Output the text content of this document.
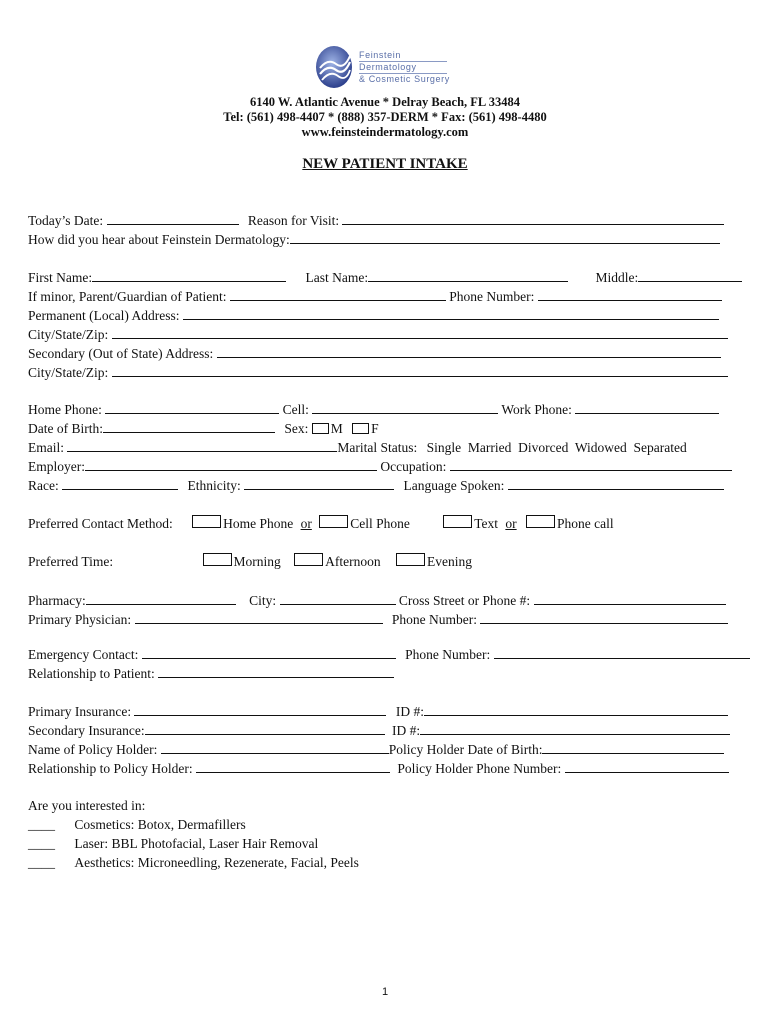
Feinstein
Dermatology
& Cosmetic Surgery
6140 W. Atlantic Avenue * Delray Beach, FL 33484
Tel: (561) 498-4407 * (888) 357-DERM * Fax: (561) 498-4480
www.feinsteindermatology.com
NEW PATIENT INTAKE
Today’s Date:	Reason for Visit:
How did you hear about Feinstein Dermatology:
First Name:	Last Name:	Middle:
If minor, Parent/Guardian of Patient:	Phone Number:
Permanent (Local) Address:
City/State/Zip:
Secondary (Out of State) Address:
City/State/Zip:
Home Phone:	Cell:	Work Phone:
Date of Birth:	Sex: M F
Email:	Marital Status: Single  Married  Divorced  Widowed  Separated
Employer:	Occupation:
Race:	Ethnicity:	Language Spoken:
Preferred Contact Method:	Home Phone or	Cell Phone	Text or	Phone call
Preferred Time:	Morning	Afternoon	Evening
Pharmacy:	City:	Cross Street or Phone #:
Primary Physician:	Phone Number:
Emergency Contact:	Phone Number:
Relationship to Patient:
Primary Insurance:	ID #:
Secondary Insurance:	ID #:
Name of Policy Holder:	Policy Holder Date of Birth:
Relationship to Policy Holder:	Policy Holder Phone Number:
Are you interested in:
____ Cosmetics: Botox, Dermafillers
____ Laser: BBL Photofacial, Laser Hair Removal
____ Aesthetics: Microneedling, Rezenerate, Facial, Peels
1
